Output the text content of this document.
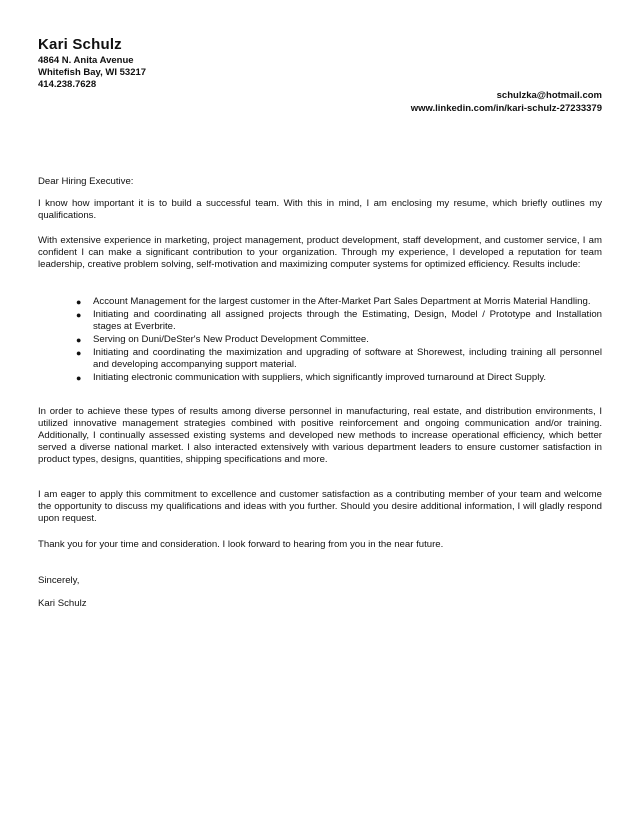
Kari Schulz
4864 N. Anita Avenue
Whitefish Bay, WI 53217
414.238.7628
schulzka@hotmail.com
www.linkedin.com/in/kari-schulz-27233379
Dear Hiring Executive:
I know how important it is to build a successful team. With this in mind, I am enclosing my resume, which briefly outlines my qualifications.
With extensive experience in marketing, project management, product development, staff development, and customer service, I am confident I can make a significant contribution to your organization. Through my experience, I developed a reputation for team leadership, creative problem solving, self-motivation and maximizing computer systems for optimized efficiency. Results include:
● Account Management for the largest customer in the After-Market Part Sales Department at Morris Material Handling.
● Initiating and coordinating all assigned projects through the Estimating, Design, Model / Prototype and Installation stages at Everbrite.
● Serving on Duni/DeSter's New Product Development Committee.
● Initiating and coordinating the maximization and upgrading of software at Shorewest, including training all personnel and developing accompanying support material.
● Initiating electronic communication with suppliers, which significantly improved turnaround at Direct Supply.
In order to achieve these types of results among diverse personnel in manufacturing, real estate, and distribution environments, I utilized innovative management strategies combined with positive reinforcement and ongoing communication and/or training. Additionally, I continually assessed existing systems and developed new methods to increase operational efficiency, which better served a diverse national market. I also interacted extensively with various department leaders to ensure customer satisfaction in product types, designs, quantities, shipping specifications and more.
I am eager to apply this commitment to excellence and customer satisfaction as a contributing member of your team and welcome the opportunity to discuss my qualifications and ideas with you further. Should you desire additional information, I will gladly respond upon request.
Thank you for your time and consideration. I look forward to hearing from you in the near future.
Sincerely,
Kari Schulz
